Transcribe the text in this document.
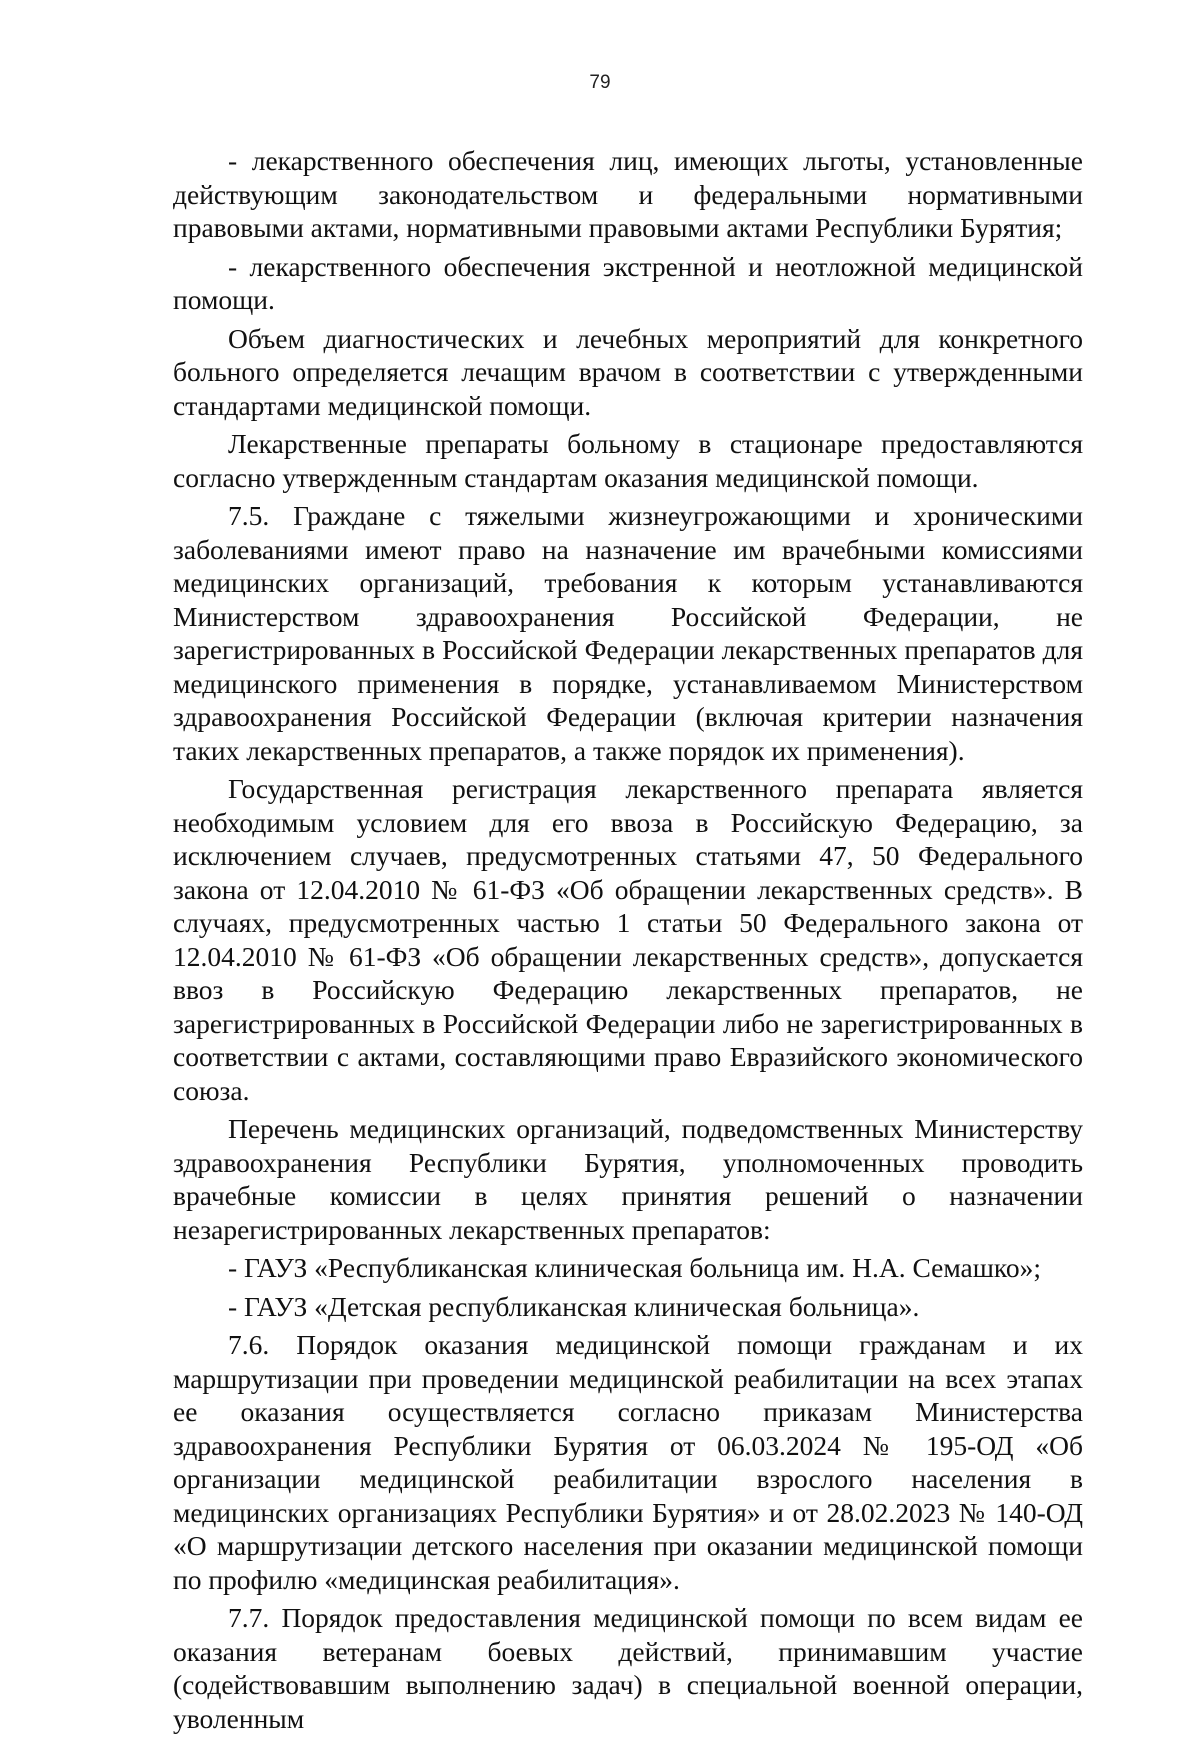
79

- лекарственного обеспечения лиц, имеющих льготы, установленные действующим законодательством и федеральными нормативными правовыми актами, нормативными правовыми актами Республики Бурятия;

- лекарственного обеспечения экстренной и неотложной медицинской помощи.

Объем диагностических и лечебных мероприятий для конкретного больного определяется лечащим врачом в соответствии с утвержденными стандартами медицинской помощи.

Лекарственные препараты больному в стационаре предоставляются согласно утвержденным стандартам оказания медицинской помощи.

7.5. Граждане с тяжелыми жизнеугрожающими и хроническими заболеваниями имеют право на назначение им врачебными комиссиями медицинских организаций, требования к которым устанавливаются Министерством здравоохранения Российской Федерации, не зарегистрированных в Российской Федерации лекарственных препаратов для медицинского применения в порядке, устанавливаемом Министерством здравоохранения Российской Федерации (включая критерии назначения таких лекарственных препаратов, а также порядок их применения).

Государственная регистрация лекарственного препарата является необходимым условием для его ввоза в Российскую Федерацию, за исключением случаев, предусмотренных статьями 47, 50 Федерального закона от 12.04.2010 № 61-ФЗ «Об обращении лекарственных средств». В случаях, предусмотренных частью 1 статьи 50 Федерального закона от 12.04.2010 № 61-ФЗ «Об обращении лекарственных средств», допускается ввоз в Российскую Федерацию лекарственных препаратов, не зарегистрированных в Российской Федерации либо не зарегистрированных в соответствии с актами, составляющими право Евразийского экономического союза.

Перечень медицинских организаций, подведомственных Министерству здравоохранения Республики Бурятия, уполномоченных проводить врачебные комиссии в целях принятия решений о назначении незарегистрированных лекарственных препаратов:

- ГАУЗ «Республиканская клиническая больница им. Н.А. Семашко»;

- ГАУЗ «Детская республиканская клиническая больница».

7.6. Порядок оказания медицинской помощи гражданам и их маршрутизации при проведении медицинской реабилитации на всех этапах ее оказания осуществляется согласно приказам Министерства здравоохранения Республики Бурятия от 06.03.2024 № 195-ОД «Об организации медицинской реабилитации взрослого населения в медицинских организациях Республики Бурятия» и от 28.02.2023 № 140-ОД «О маршрутизации детского населения при оказании медицинской помощи по профилю «медицинская реабилитация».

7.7. Порядок предоставления медицинской помощи по всем видам ее оказания ветеранам боевых действий, принимавшим участие (содействовавшим выполнению задач) в специальной военной операции, уволенным
